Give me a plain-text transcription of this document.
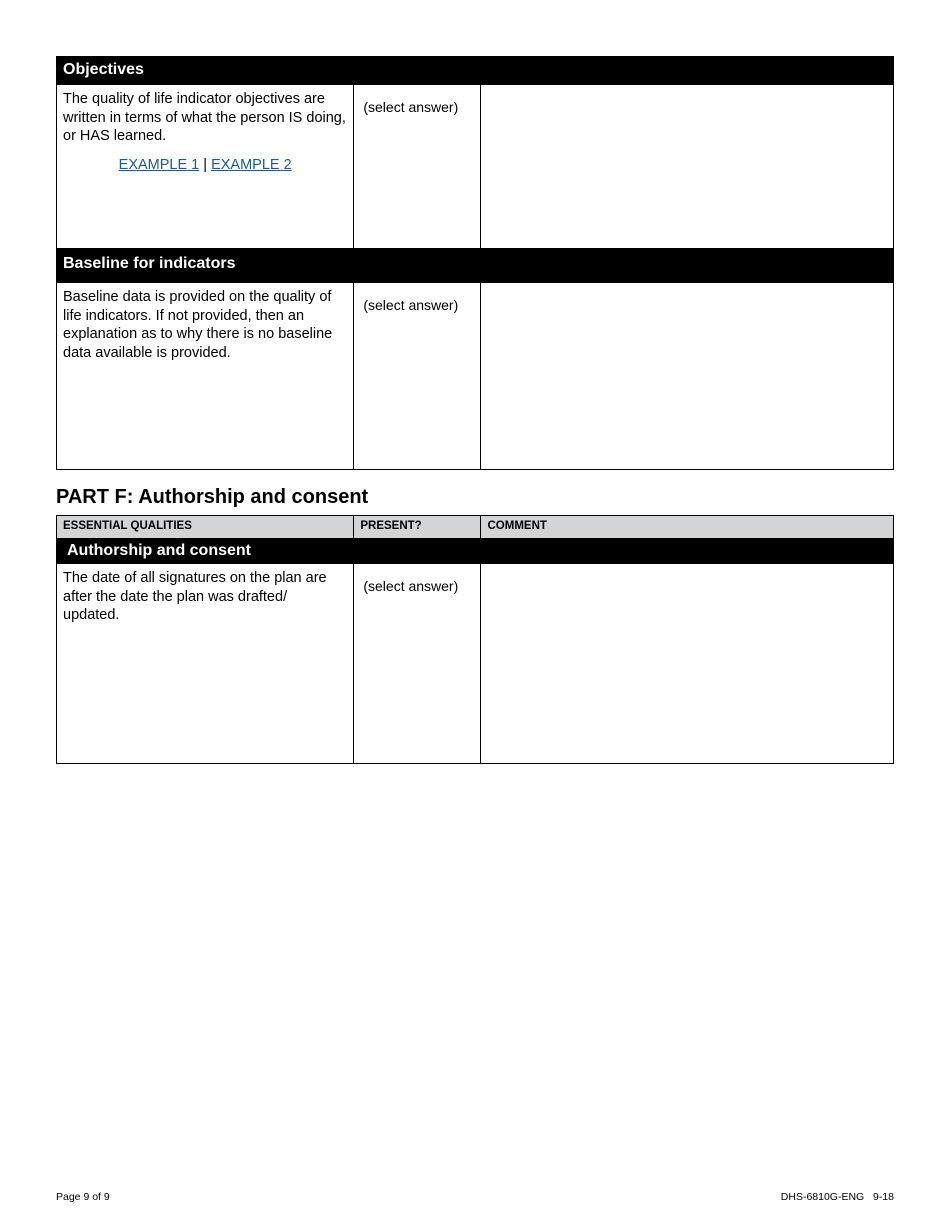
Objectives		

The quality of life indicator objectives are written in terms of what the person IS doing, or HAS learned.
EXAMPLE 1 | EXAMPLE 2	(select answer)	
Baseline for indicators		

Baseline data is provided on the quality of life indicators. If not provided, then an explanation as to why there is no baseline data available is provided.	(select answer)	
PART F: Authorship and consent
ESSENTIAL QUALITIES	PRESENT?	COMMENT
Authorship and consent		

The date of all signatures on the plan are after the date the plan was drafted/ updated.	(select answer)	
Page 9 of 9	DHS-6810G-ENG   9-18
